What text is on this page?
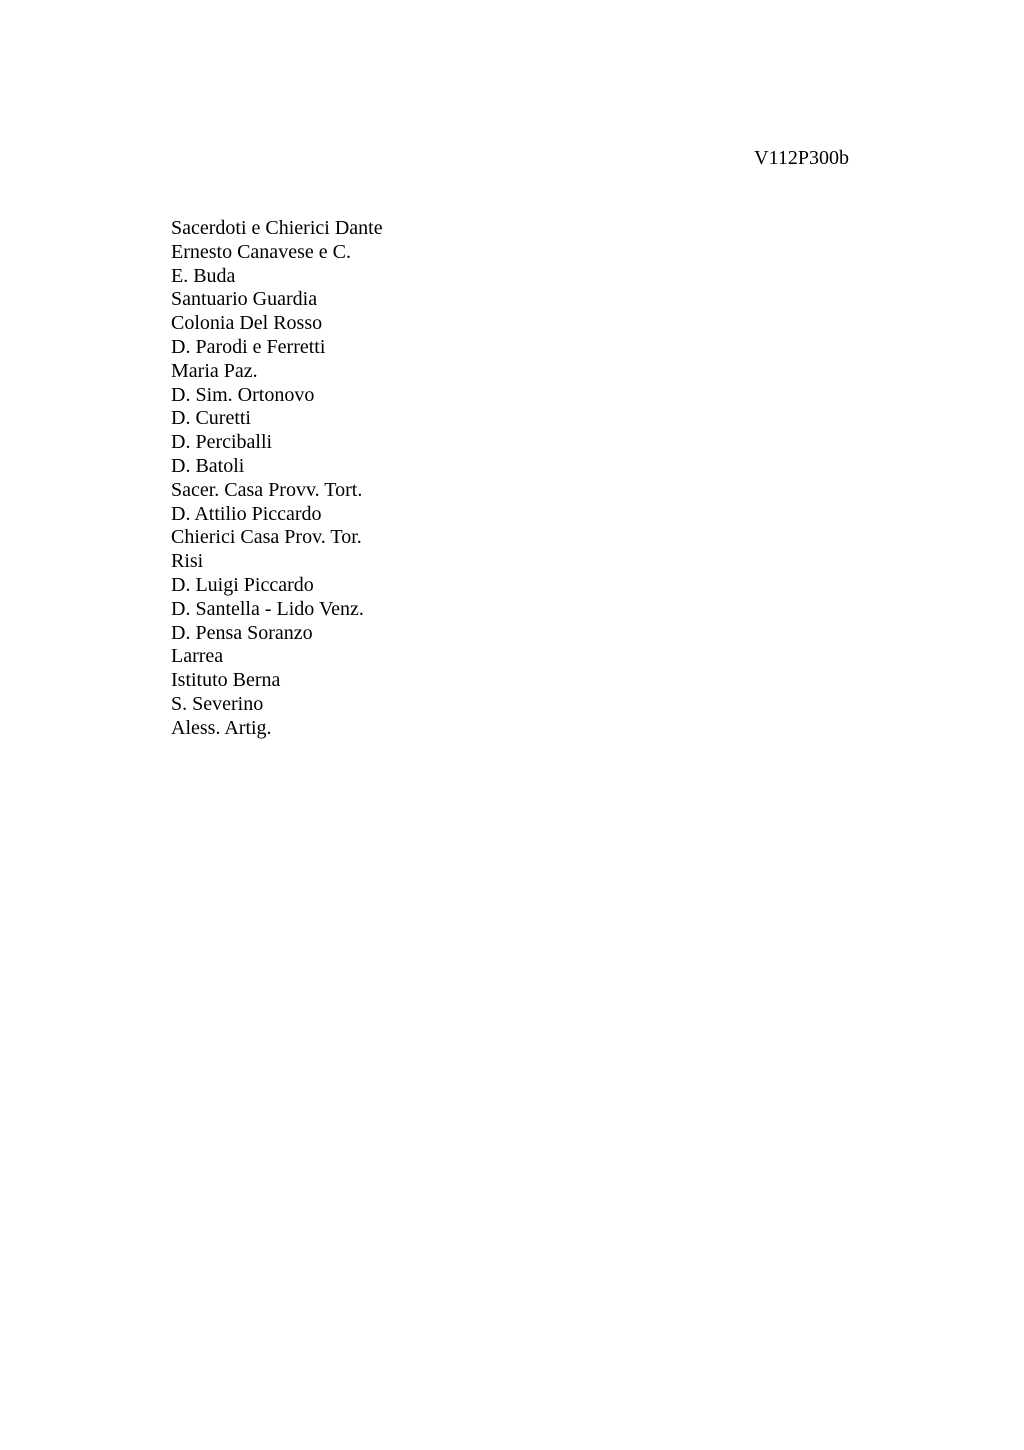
V112P300b
Sacerdoti e Chierici Dante
Ernesto Canavese e C.
E. Buda
Santuario Guardia
Colonia Del Rosso
D. Parodi e Ferretti
Maria Paz.
D. Sim. Ortonovo
D. Curetti
D. Perciballi
D. Batoli
Sacer. Casa Provv. Tort.
D. Attilio Piccardo
Chierici Casa Prov. Tor.
Risi
D. Luigi Piccardo
D. Santella - Lido Venz.
D. Pensa Soranzo
Larrea
Istituto Berna
S. Severino
Aless. Artig.
